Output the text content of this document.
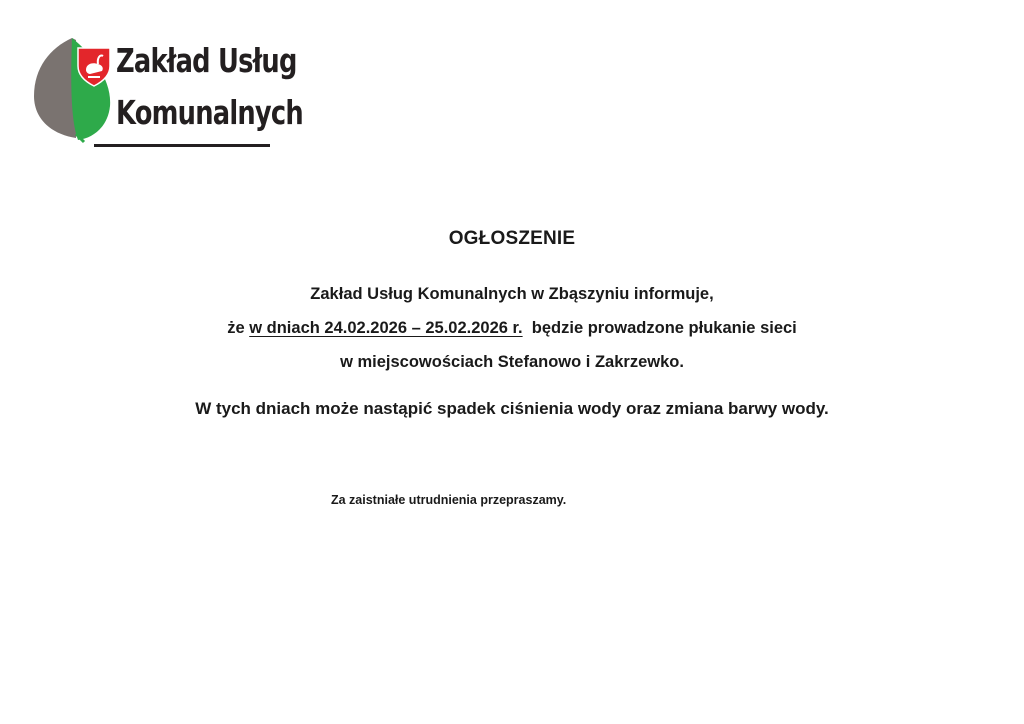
Zakład Usług
Komunalnych
OGŁOSZENIE
Zakład Usług Komunalnych w Zbąszyniu informuje,
że w dniach 24.02.2026 – 25.02.2026 r.  będzie prowadzone płukanie sieci
w miejscowościach Stefanowo i Zakrzewko.
W tych dniach może nastąpić spadek ciśnienia wody oraz zmiana barwy wody.
Za zaistniałe utrudnienia przepraszamy.
